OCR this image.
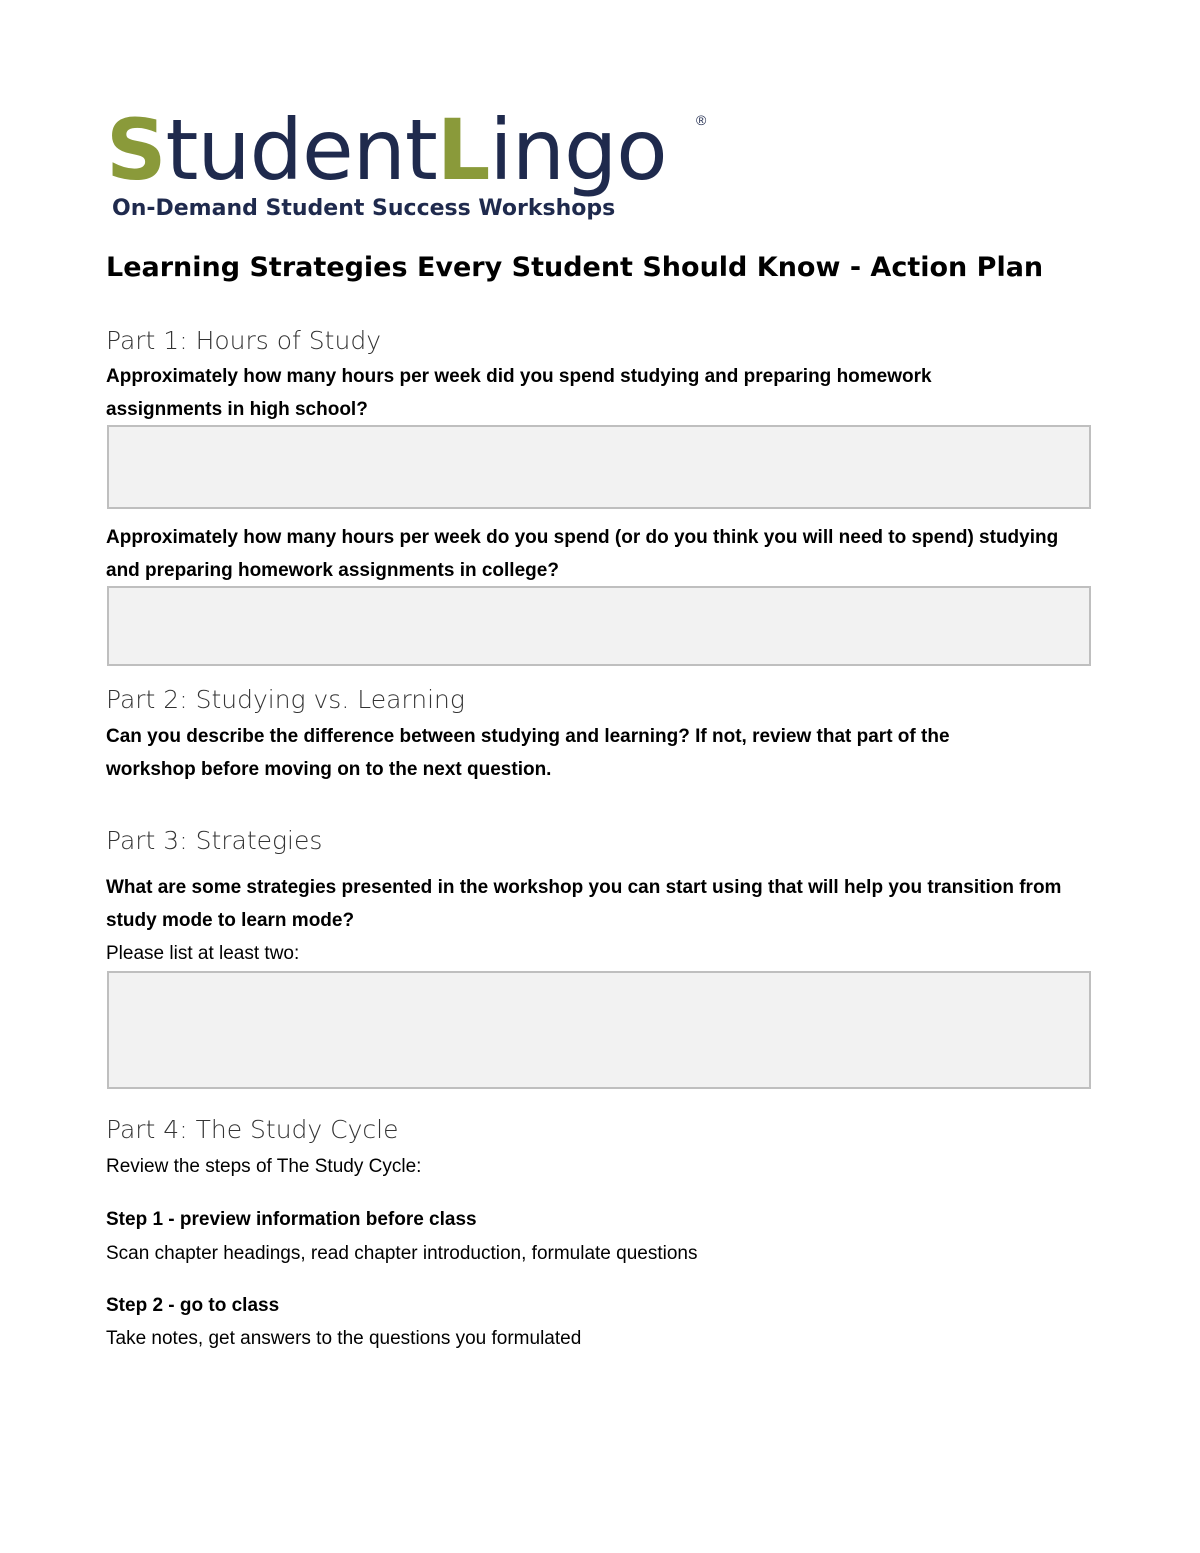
StudentLingo ®
On-Demand Student Success Workshops
Learning Strategies Every Student Should Know - Action Plan
Part 1: Hours of Study
Approximately how many hours per week did you spend studying and preparing homework assignments in high school?
Approximately how many hours per week do you spend (or do you think you will need to spend) studying and preparing homework assignments in college?
Part 2: Studying vs. Learning
Can you describe the difference between studying and learning? If not, review that part of the workshop before moving on to the next question.
Part 3: Strategies
What are some strategies presented in the workshop you can start using that will help you transition from study mode to learn mode?
Please list at least two:
Part 4: The Study Cycle
Review the steps of The Study Cycle:
Step 1 - preview information before class
Scan chapter headings, read chapter introduction, formulate questions
Step 2 - go to class
Take notes, get answers to the questions you formulated
